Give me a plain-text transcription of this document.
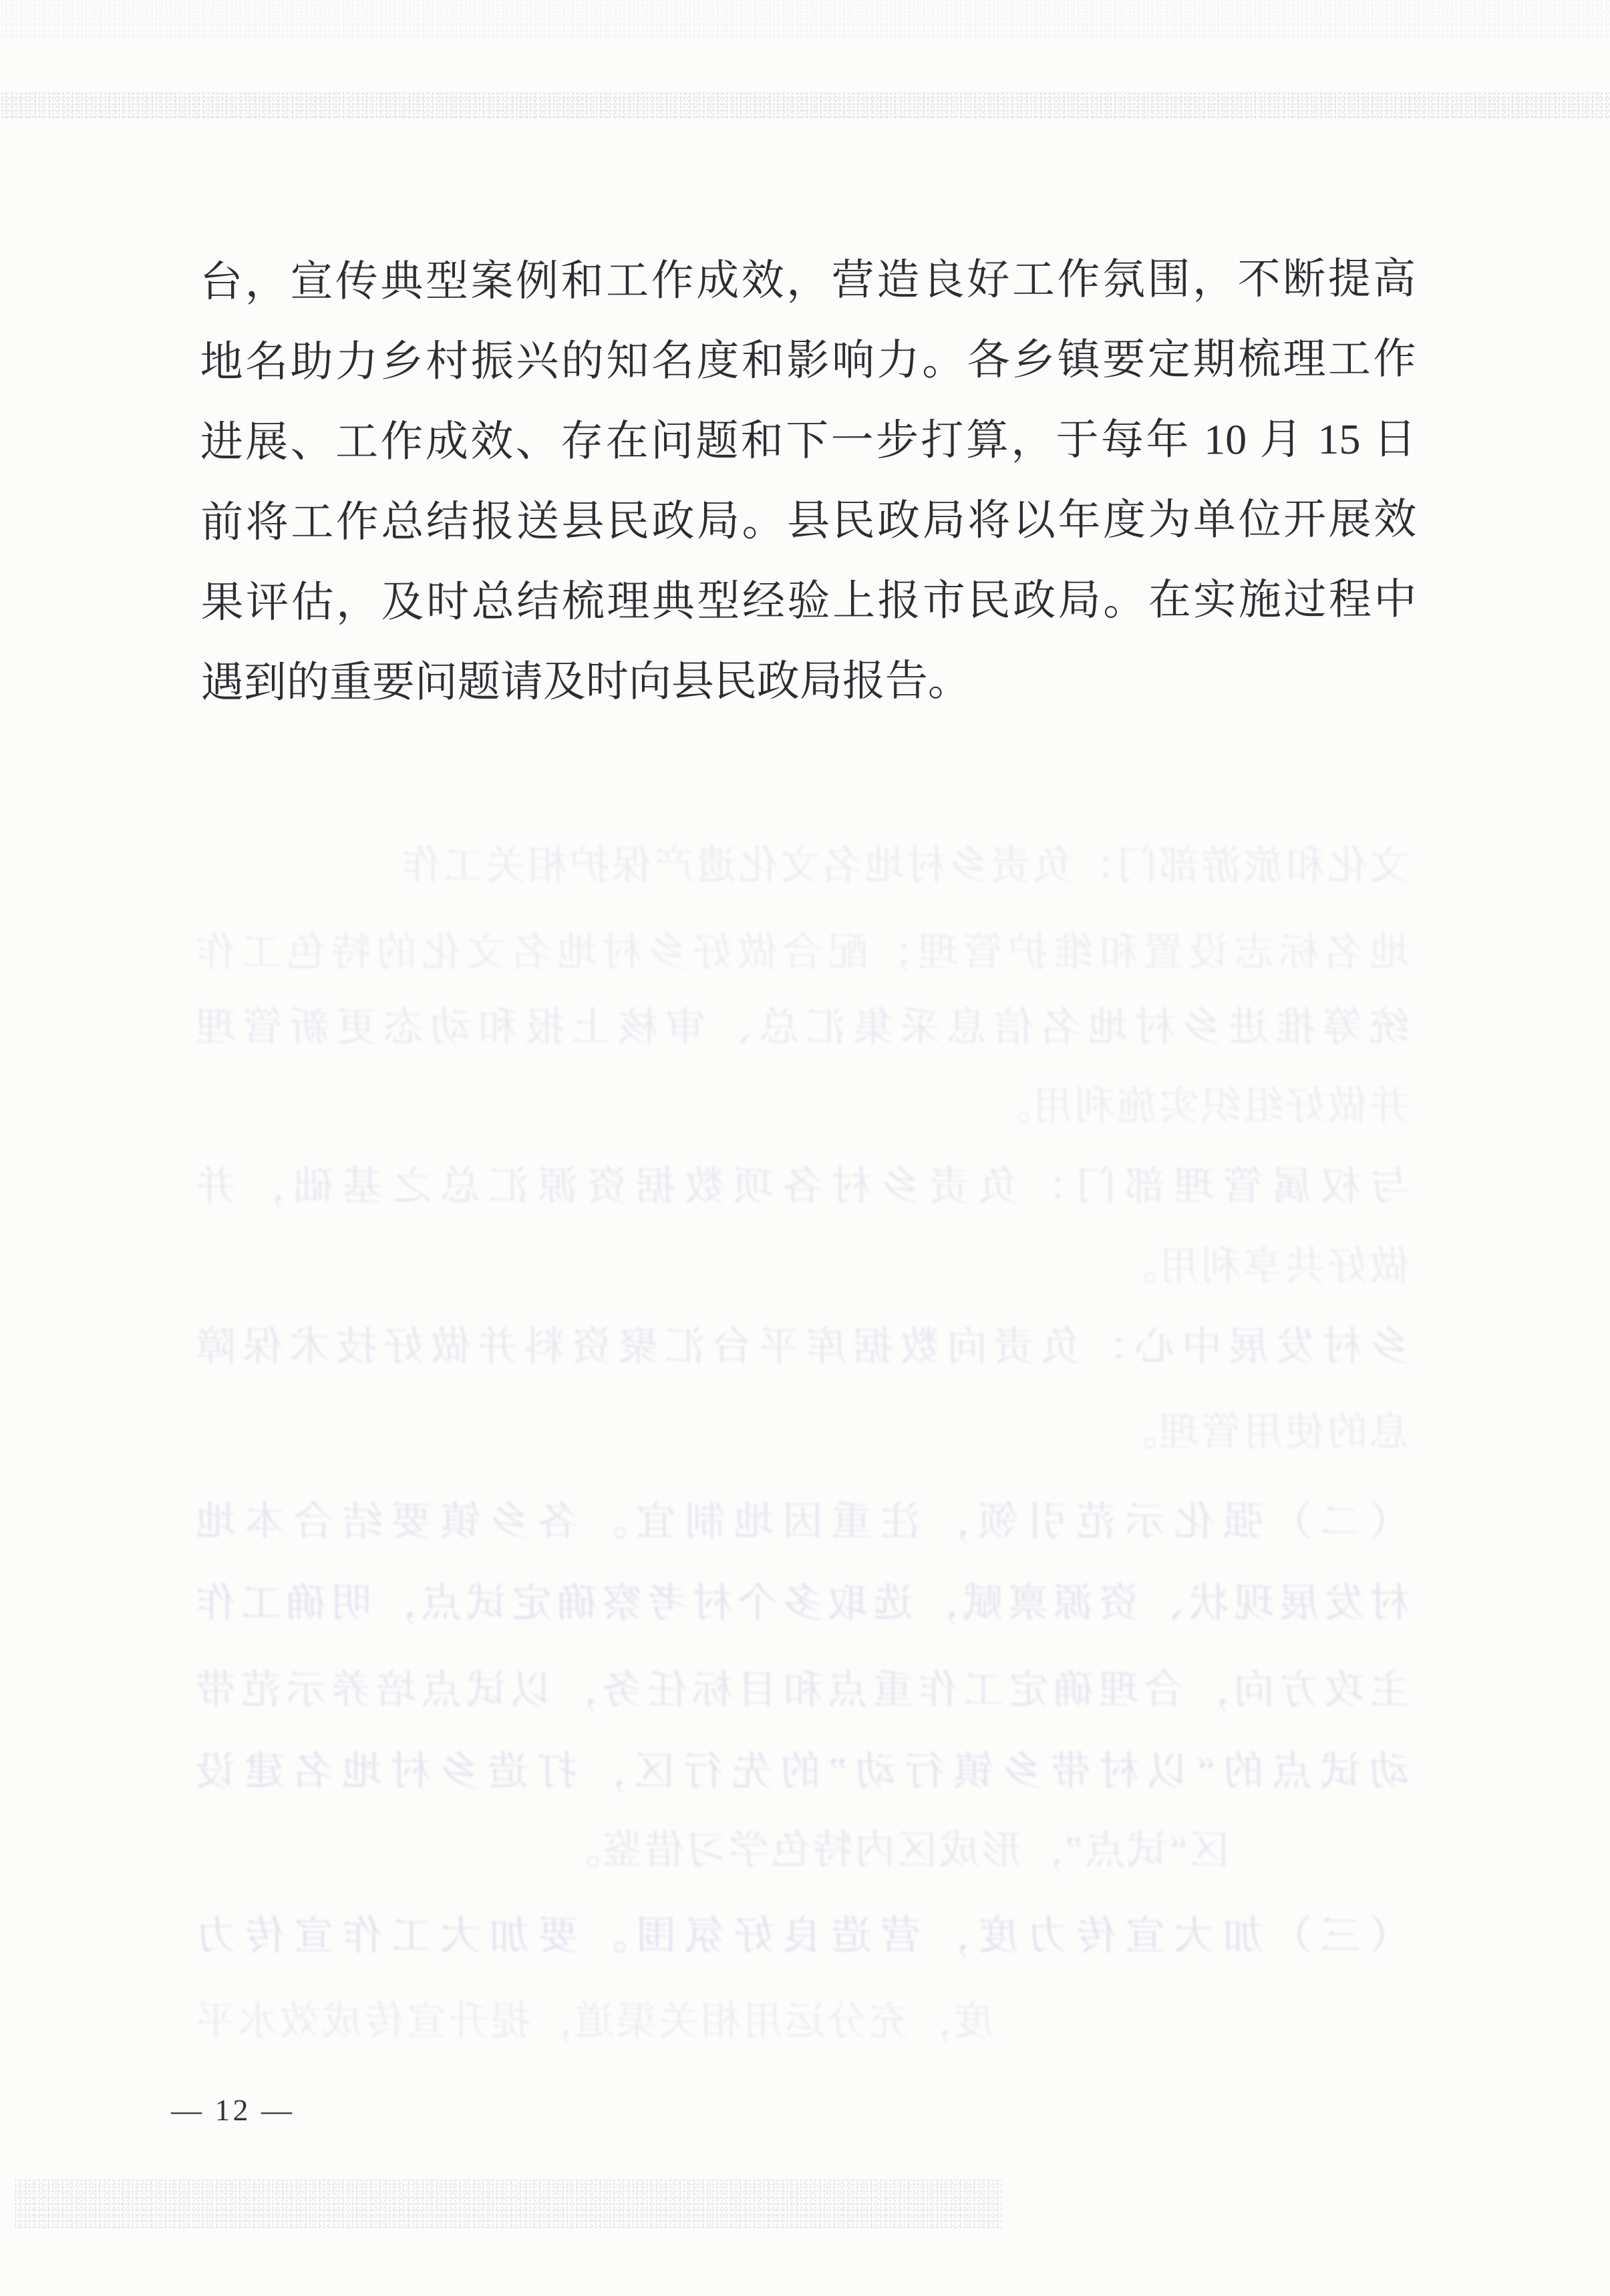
文化和旅游部门：负责乡村地名文化遗产保护相关工作
地名标志设置和维护管理；配合做好乡村地名文化的特色工作
统筹推进乡村地名信息采集汇总、审核上报和动态更新管理
并做好组织实施利用。
与权属管理部门：负责乡村各项数据资源汇总之基础，并
做好共享利用。
乡村发展中心：负责向数据库平台汇聚资料并做好技术保障
息的使用管理。
（二）强化示范引领，注重因地制宜。各乡镇要结合本地
村发展现状、资源禀赋，选取多个村考察确定试点，明确工作
主攻方向，合理确定工作重点和目标任务，以试点培养示范带
动试点的“以村带乡镇行动”的先行区，打造乡村地名建设
区“试点”，形成区内特色学习借鉴。
（三）加大宣传力度，营造良好氛围。要加大工作宣传力
度，充分运用相关渠道，提升宣传成效水平
台，宣传典型案例和工作成效，营造良好工作氛围，不断提高
地名助力乡村振兴的知名度和影响力。各乡镇要定期梳理工作
进展、工作成效、存在问题和下一步打算，于每年 10 月 15 日
前将工作总结报送县民政局。县民政局将以年度为单位开展效
果评估，及时总结梳理典型经验上报市民政局。在实施过程中
遇到的重要问题请及时向县民政局报告。
— 12 —
